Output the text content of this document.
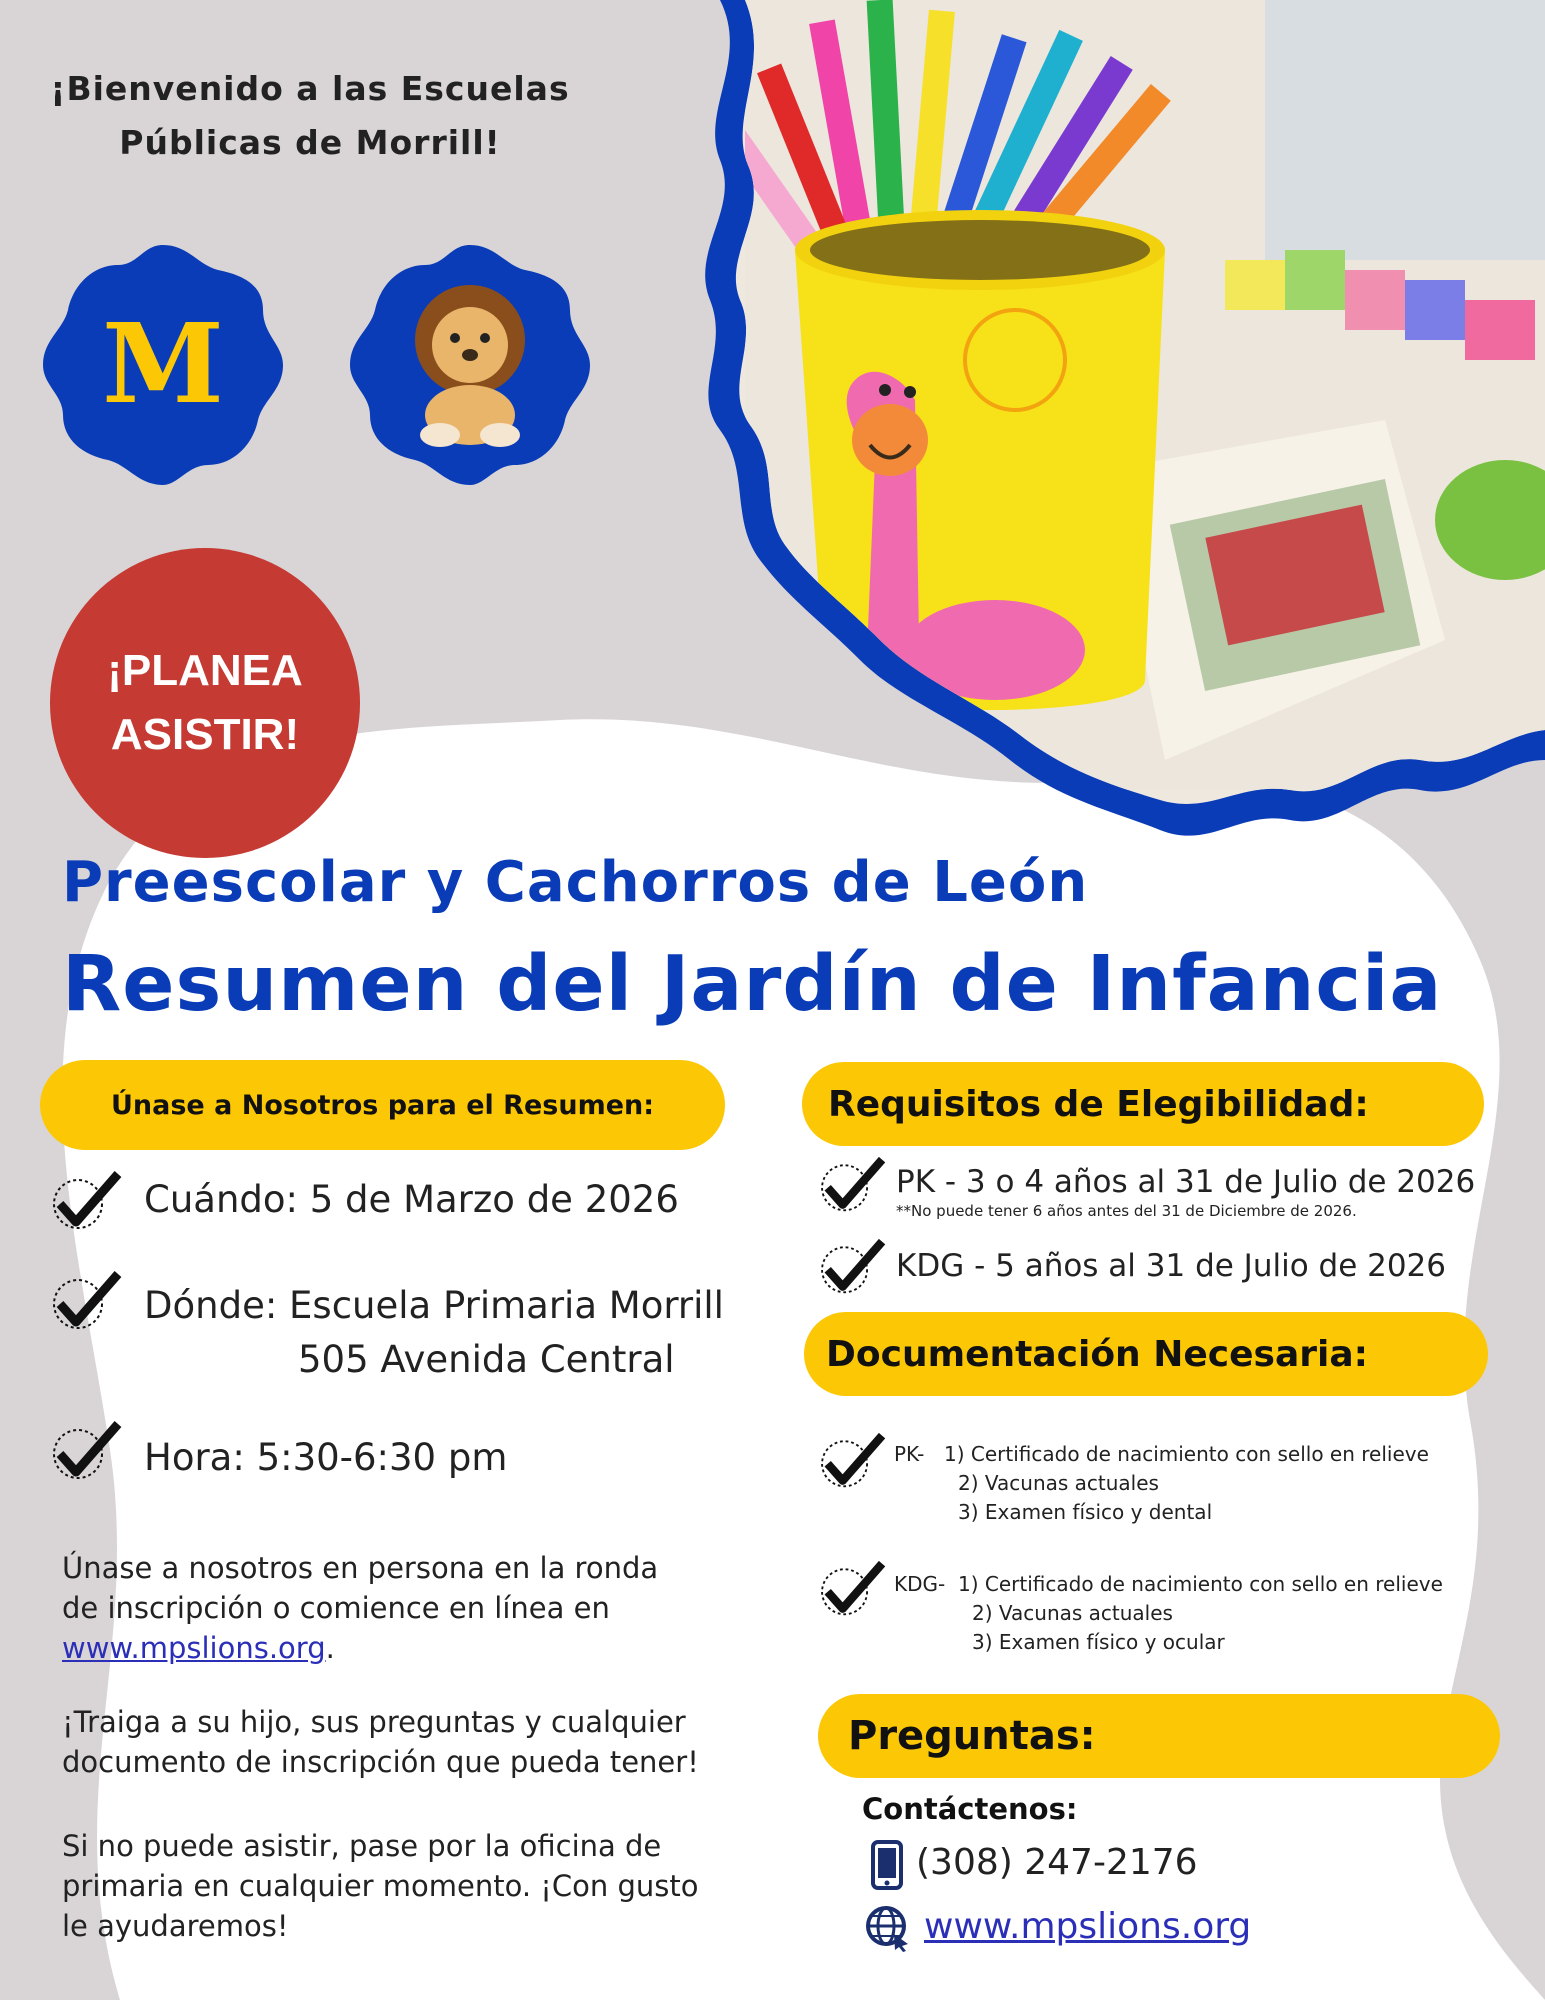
¡Bienvenido a las Escuelas
Públicas de Morrill!
M
¡PLANEA
ASISTIR!
Preescolar y Cachorros de León
Resumen del Jardín de Infancia
Únase a Nosotros para el Resumen:
Cuándo: 5 de Marzo de 2026
Dónde: Escuela Primaria Morrill
505 Avenida Central
Hora: 5:30-6:30 pm
Únase a nosotros en persona en la ronda de inscripción o comience en línea en www.mpslions.org.
¡Traiga a su hijo, sus preguntas y cualquier documento de inscripción que pueda tener!
Si no puede asistir, pase por la oficina de primaria en cualquier momento. ¡Con gusto le ayudaremos!
Requisitos de Elegibilidad:
PK - 3 o 4 años al 31 de Julio de 2026
**No puede tener 6 años antes del 31 de Diciembre de 2026.
KDG - 5 años al 31 de Julio de 2026
Documentación Necesaria:
PK- 1) Certificado de nacimiento con sello en relieve
2) Vacunas actuales
3) Examen físico y dental
KDG- 1) Certificado de nacimiento con sello en relieve
2) Vacunas actuales
3) Examen físico y ocular
Preguntas:
Contáctenos:
(308) 247-2176
www.mpslions.org
